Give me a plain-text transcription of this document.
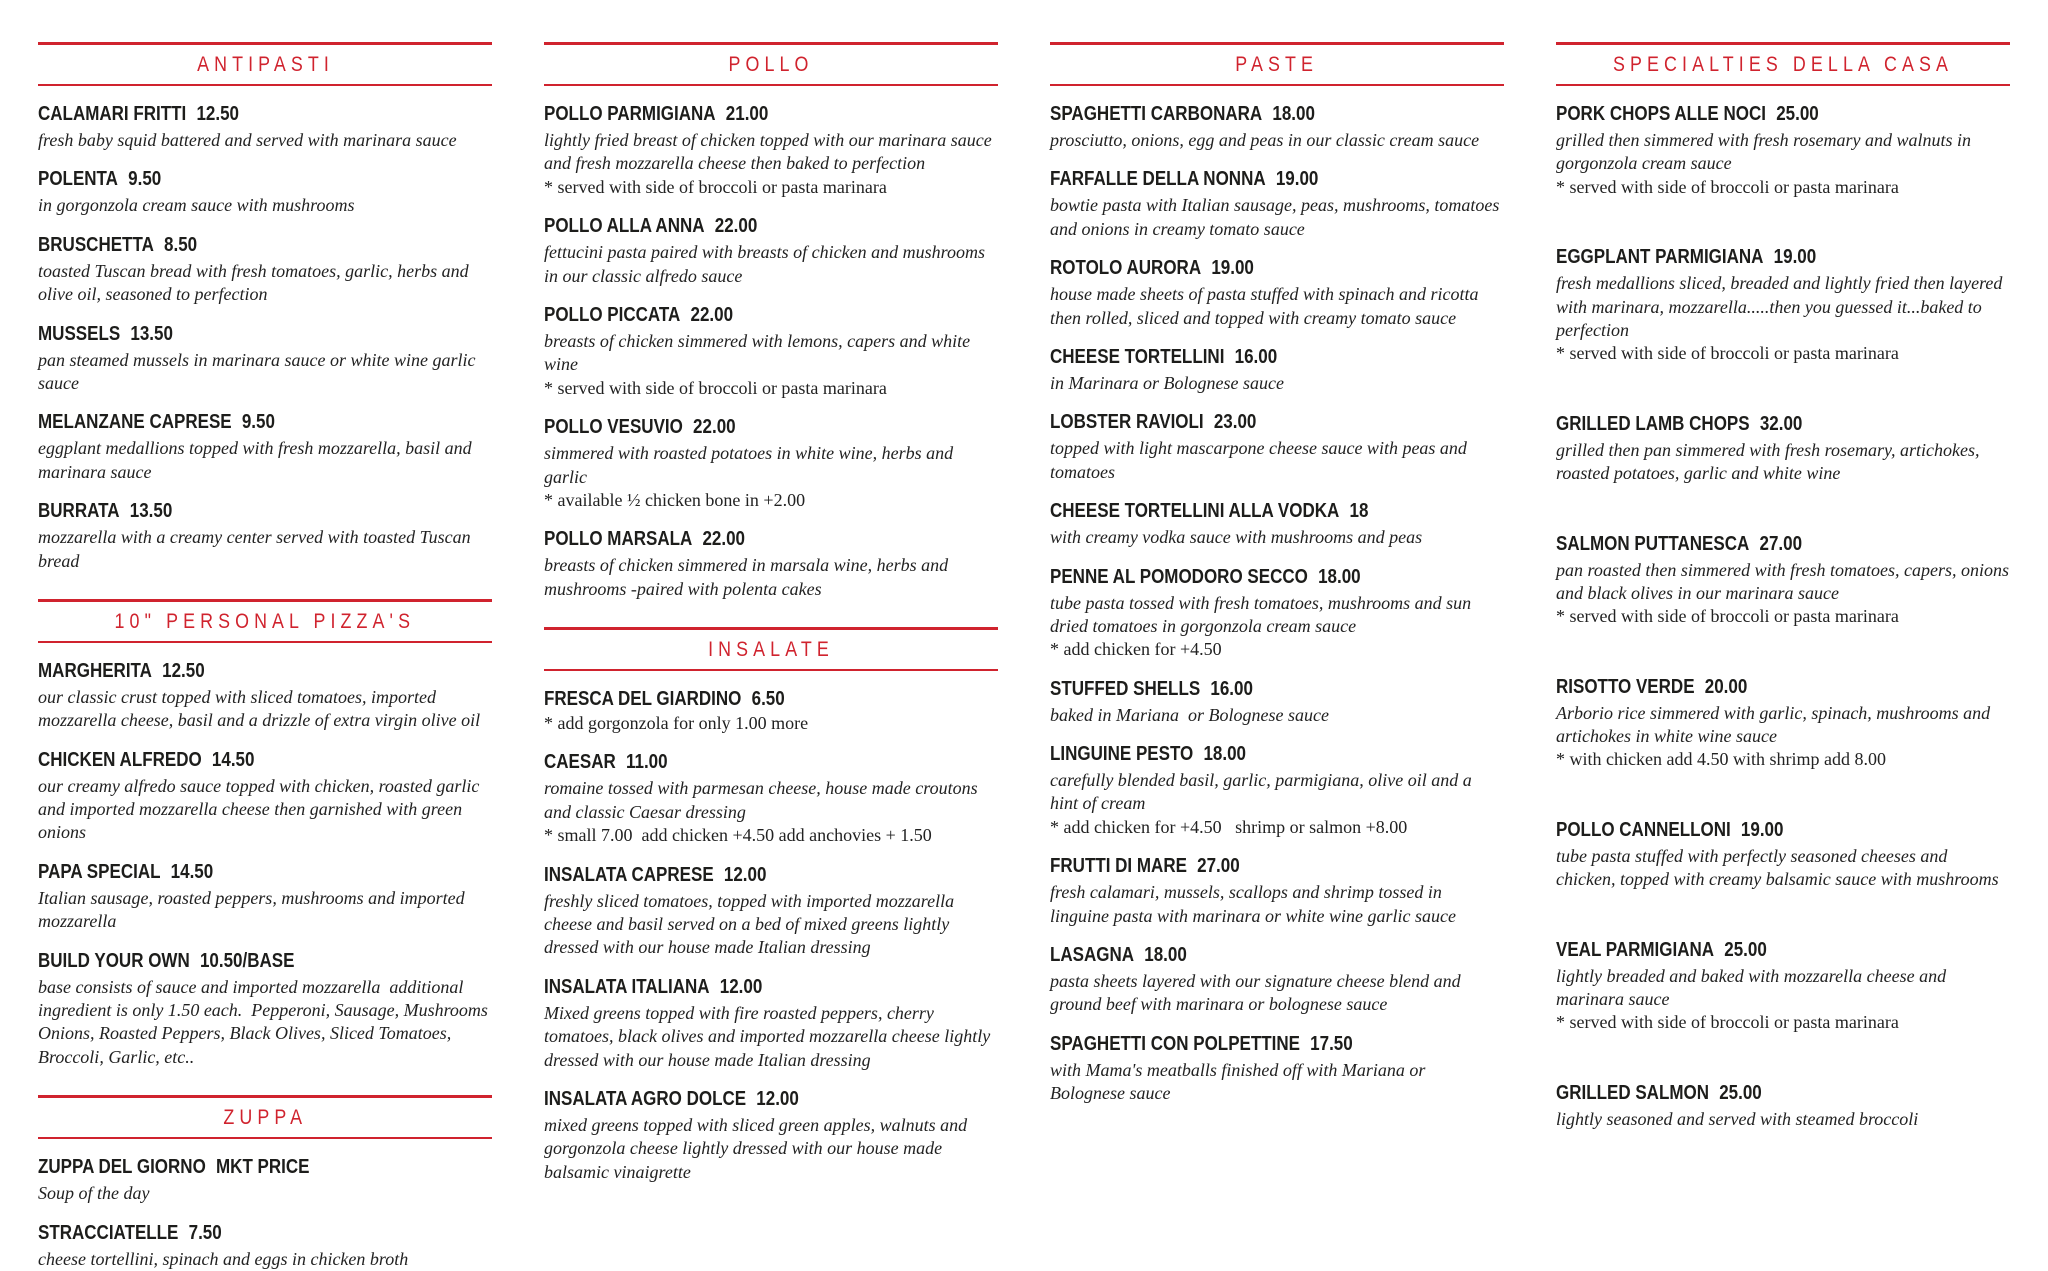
ANTIPASTI
CALAMARI FRITTI 12.50

fresh baby squid battered and served with marinara sauce

POLENTA 9.50

in gorgonzola cream sauce with mushrooms

BRUSCHETTA 8.50

toasted Tuscan bread with fresh tomatoes, garlic, herbs and olive oil, seasoned to perfection

MUSSELS 13.50

pan steamed mussels in marinara sauce or white wine garlic sauce

MELANZANE CAPRESE 9.50

eggplant medallions topped with fresh mozzarella, basil and marinara sauce

BURRATA 13.50

mozzarella with a creamy center served with toasted Tuscan bread

10" PERSONAL PIZZA'S
MARGHERITA 12.50

our classic crust topped with sliced tomatoes, imported mozzarella cheese, basil and a drizzle of extra virgin olive oil

CHICKEN ALFREDO 14.50

our creamy alfredo sauce topped with chicken, roasted garlic and imported mozzarella cheese then garnished with green onions

PAPA SPECIAL 14.50

Italian sausage, roasted peppers, mushrooms and imported mozzarella

BUILD YOUR OWN 10.50/BASE

base consists of sauce and imported mozzarella  additional ingredient is only 1.50 each.  Pepperoni, Sausage, Mushrooms Onions, Roasted Peppers, Black Olives, Sliced Tomatoes, Broccoli, Garlic, etc..

ZUPPA
ZUPPA DEL GIORNO MKT PRICE

Soup of the day

STRACCIATELLE 7.50

cheese tortellini, spinach and eggs in chicken broth

POLLO
POLLO PARMIGIANA 21.00

lightly fried breast of chicken topped with our marinara sauce and fresh mozzarella cheese then baked to perfection

* served with side of broccoli or pasta marinara

POLLO ALLA ANNA 22.00

fettucini pasta paired with breasts of chicken and mushrooms in our classic alfredo sauce

POLLO PICCATA 22.00

breasts of chicken simmered with lemons, capers and white wine

* served with side of broccoli or pasta marinara

POLLO VESUVIO 22.00

simmered with roasted potatoes in white wine, herbs and garlic

* available ½ chicken bone in +2.00

POLLO MARSALA 22.00

breasts of chicken simmered in marsala wine, herbs and mushrooms -paired with polenta cakes

INSALATE
FRESCA DEL GIARDINO 6.50

* add gorgonzola for only 1.00 more

CAESAR 11.00

romaine tossed with parmesan cheese, house made croutons and classic Caesar dressing

* small 7.00  add chicken +4.50 add anchovies + 1.50

INSALATA CAPRESE 12.00

freshly sliced tomatoes, topped with imported mozzarella cheese and basil served on a bed of mixed greens lightly dressed with our house made Italian dressing

INSALATA ITALIANA 12.00

Mixed greens topped with fire roasted peppers, cherry tomatoes, black olives and imported mozzarella cheese lightly dressed with our house made Italian dressing

INSALATA AGRO DOLCE 12.00

mixed greens topped with sliced green apples, walnuts and gorgonzola cheese lightly dressed with our house made balsamic vinaigrette

PASTE
SPAGHETTI CARBONARA 18.00

prosciutto, onions, egg and peas in our classic cream sauce

FARFALLE DELLA NONNA 19.00

bowtie pasta with Italian sausage, peas, mushrooms, tomatoes and onions in creamy tomato sauce

ROTOLO AURORA 19.00

house made sheets of pasta stuffed with spinach and ricotta then rolled, sliced and topped with creamy tomato sauce

CHEESE TORTELLINI 16.00

in Marinara or Bolognese sauce

LOBSTER RAVIOLI 23.00

topped with light mascarpone cheese sauce with peas and tomatoes

CHEESE TORTELLINI ALLA VODKA 18

with creamy vodka sauce with mushrooms and peas

PENNE AL POMODORO SECCO 18.00

tube pasta tossed with fresh tomatoes, mushrooms and sun dried tomatoes in gorgonzola cream sauce

* add chicken for +4.50

STUFFED SHELLS 16.00

baked in Mariana  or Bolognese sauce

LINGUINE PESTO 18.00

carefully blended basil, garlic, parmigiana, olive oil and a hint of cream

* add chicken for +4.50   shrimp or salmon +8.00

FRUTTI DI MARE 27.00

fresh calamari, mussels, scallops and shrimp tossed in linguine pasta with marinara or white wine garlic sauce

LASAGNA 18.00

pasta sheets layered with our signature cheese blend and ground beef with marinara or bolognese sauce

SPAGHETTI CON POLPETTINE 17.50

with Mama's meatballs finished off with Mariana or Bolognese sauce

SPECIALTIES DELLA CASA
PORK CHOPS ALLE NOCI 25.00

grilled then simmered with fresh rosemary and walnuts in gorgonzola cream sauce

* served with side of broccoli or pasta marinara

EGGPLANT PARMIGIANA 19.00

fresh medallions sliced, breaded and lightly fried then layered with marinara, mozzarella.....then you guessed it...baked to perfection

* served with side of broccoli or pasta marinara

GRILLED LAMB CHOPS 32.00

grilled then pan simmered with fresh rosemary, artichokes, roasted potatoes, garlic and white wine

SALMON PUTTANESCA 27.00

pan roasted then simmered with fresh tomatoes, capers, onions and black olives in our marinara sauce

* served with side of broccoli or pasta marinara

RISOTTO VERDE 20.00

Arborio rice simmered with garlic, spinach, mushrooms and artichokes in white wine sauce

* with chicken add 4.50 with shrimp add 8.00

POLLO CANNELLONI 19.00

tube pasta stuffed with perfectly seasoned cheeses and chicken, topped with creamy balsamic sauce with mushrooms

VEAL PARMIGIANA 25.00

lightly breaded and baked with mozzarella cheese and marinara sauce

* served with side of broccoli or pasta marinara

GRILLED SALMON 25.00

lightly seasoned and served with steamed broccoli
